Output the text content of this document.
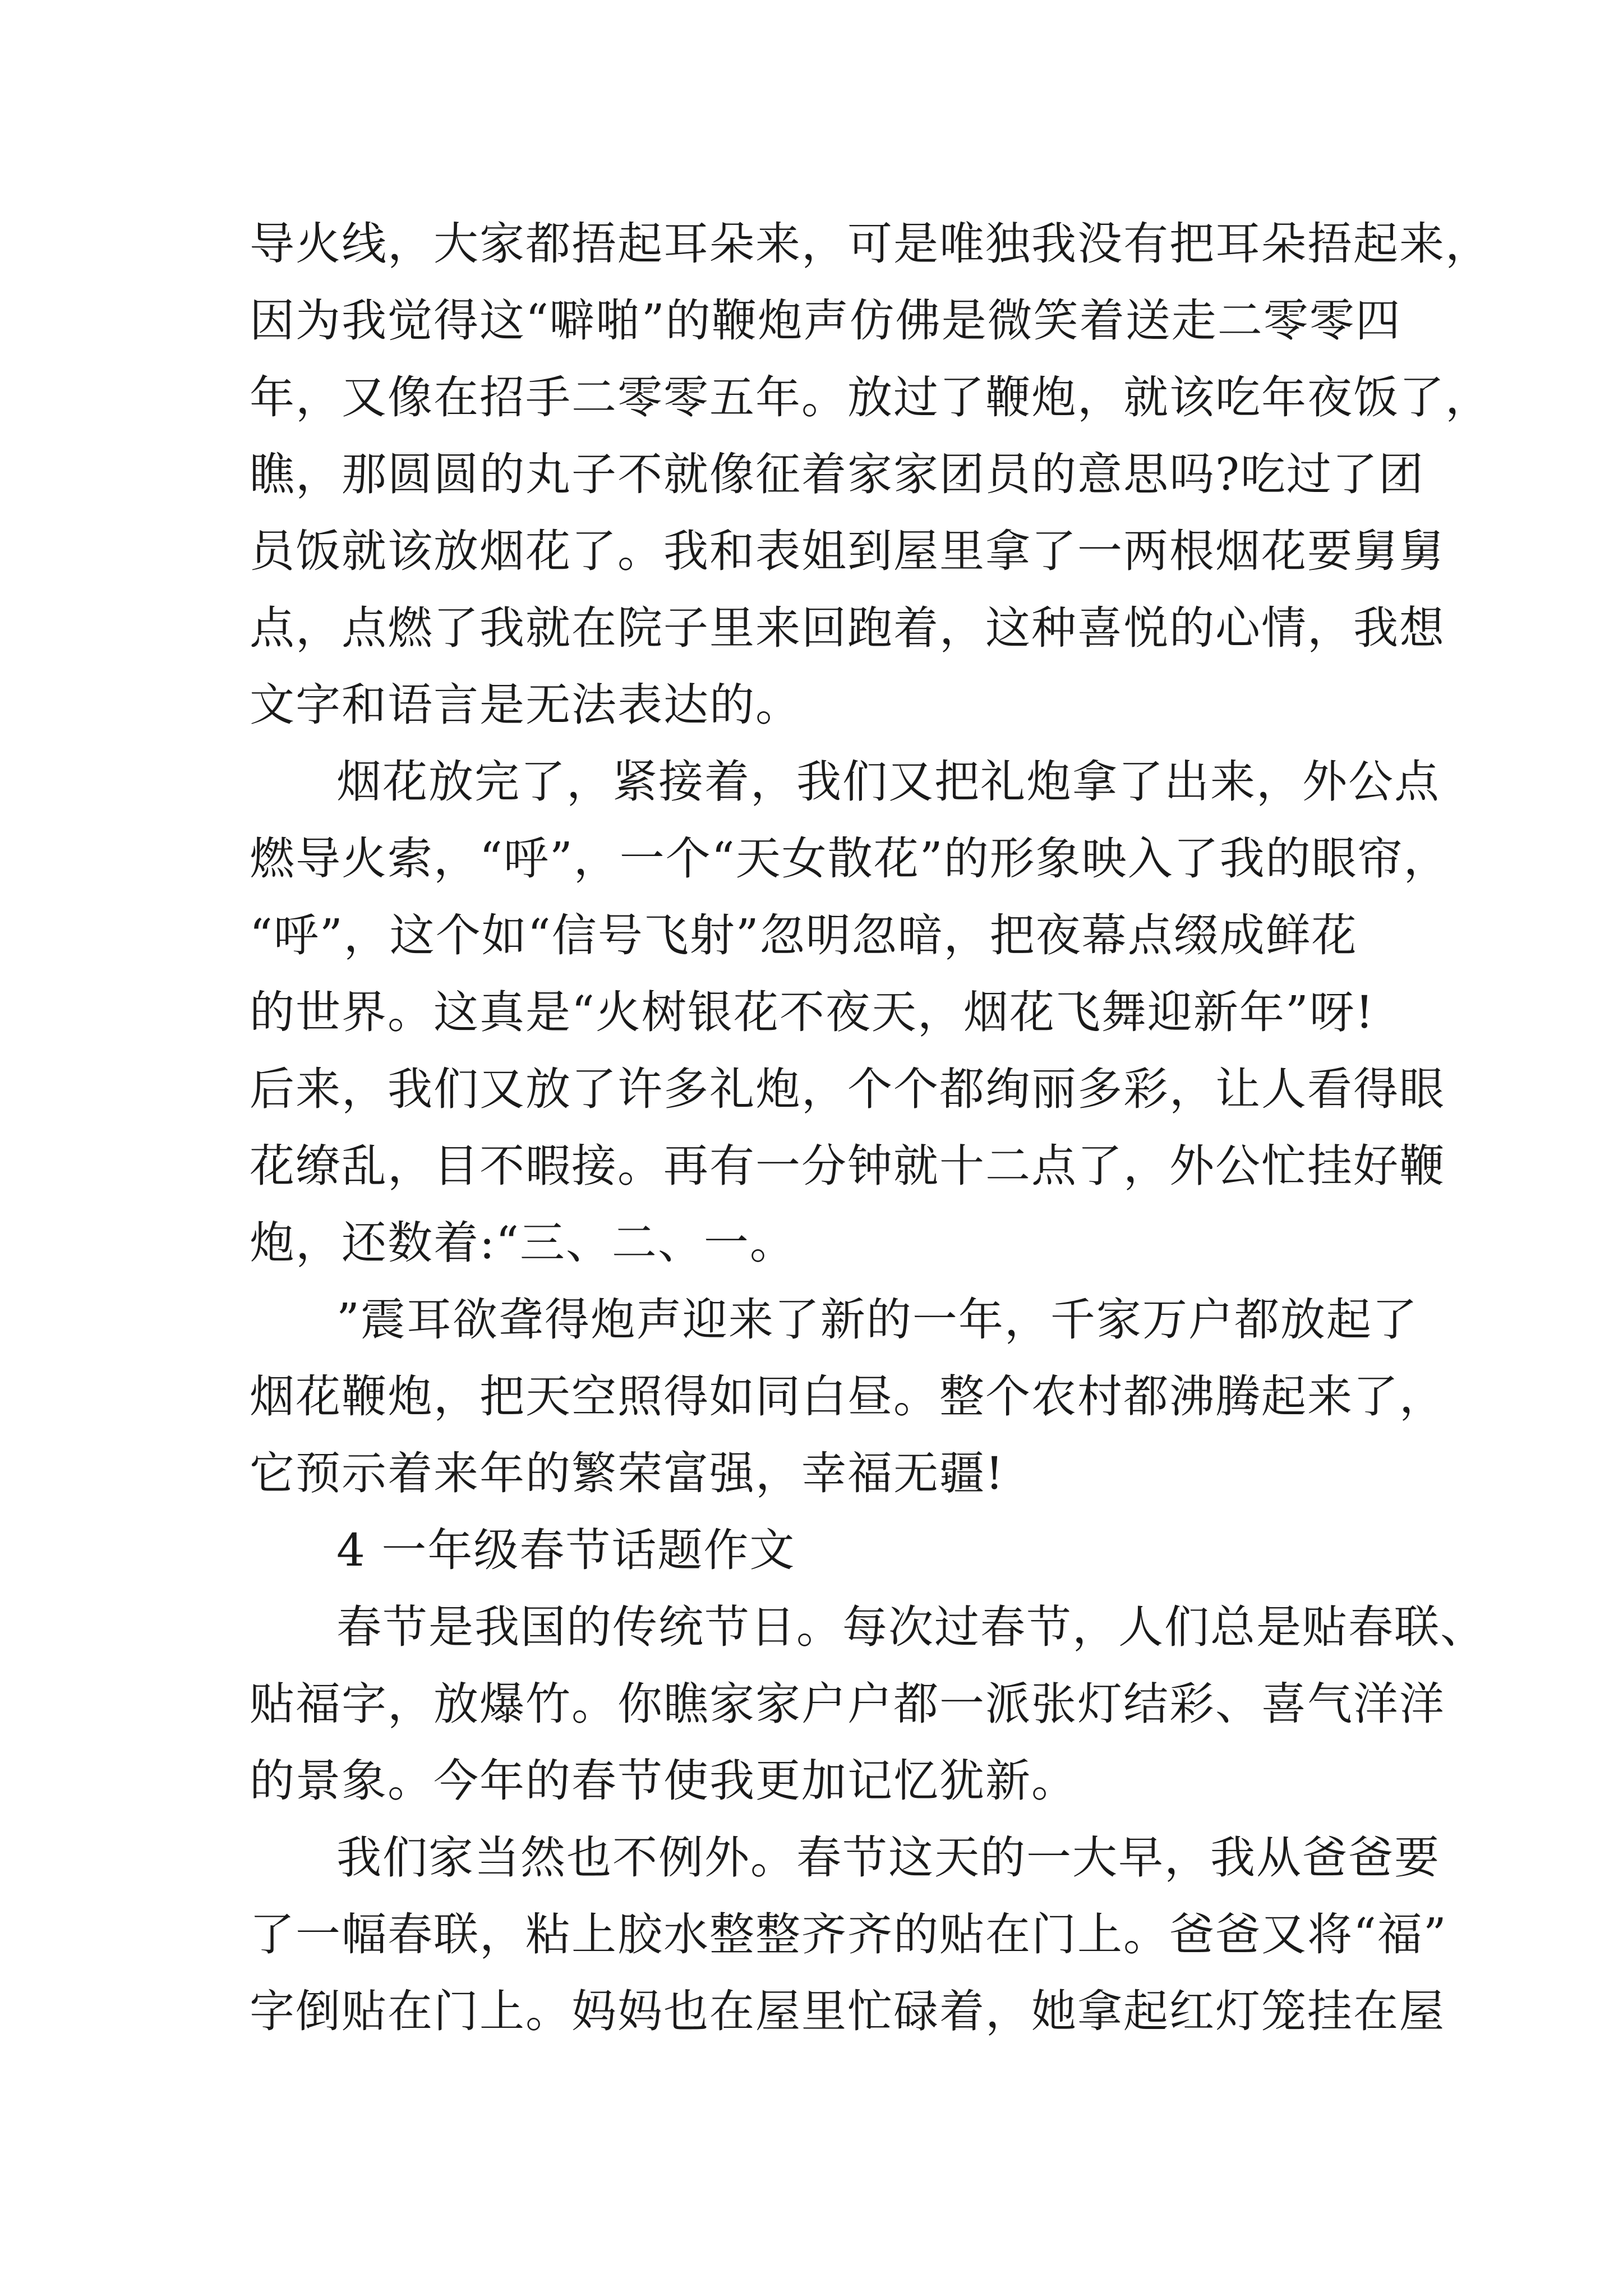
导火线，大家都捂起耳朵来，可是唯独我没有把耳朵捂起来，
因为我觉得这“噼啪”的鞭炮声仿佛是微笑着送走二零零四
年，又像在招手二零零五年。放过了鞭炮，就该吃年夜饭了，
瞧，那圆圆的丸子不就像征着家家团员的意思吗?吃过了团
员饭就该放烟花了。我和表姐到屋里拿了一两根烟花要舅舅
点，点燃了我就在院子里来回跑着，这种喜悦的心情，我想
文字和语言是无法表达的。
烟花放完了，紧接着，我们又把礼炮拿了出来，外公点
燃导火索，“呼”，一个“天女散花”的形象映入了我的眼帘，
“呼”，这个如“信号飞射”忽明忽暗，把夜幕点缀成鲜花
的世界。这真是“火树银花不夜天，烟花飞舞迎新年”呀!
后来，我们又放了许多礼炮，个个都绚丽多彩，让人看得眼
花缭乱，目不暇接。再有一分钟就十二点了，外公忙挂好鞭
炮，还数着:“三、二、一。
”震耳欲聋得炮声迎来了新的一年，千家万户都放起了
烟花鞭炮，把天空照得如同白昼。整个农村都沸腾起来了，
它预示着来年的繁荣富强，幸福无疆!
4 一年级春节话题作文
春节是我国的传统节日。每次过春节，人们总是贴春联、
贴福字，放爆竹。你瞧家家户户都一派张灯结彩、喜气洋洋
的景象。今年的春节使我更加记忆犹新。
我们家当然也不例外。春节这天的一大早，我从爸爸要
了一幅春联，粘上胶水整整齐齐的贴在门上。爸爸又将“福”
字倒贴在门上。妈妈也在屋里忙碌着，她拿起红灯笼挂在屋
